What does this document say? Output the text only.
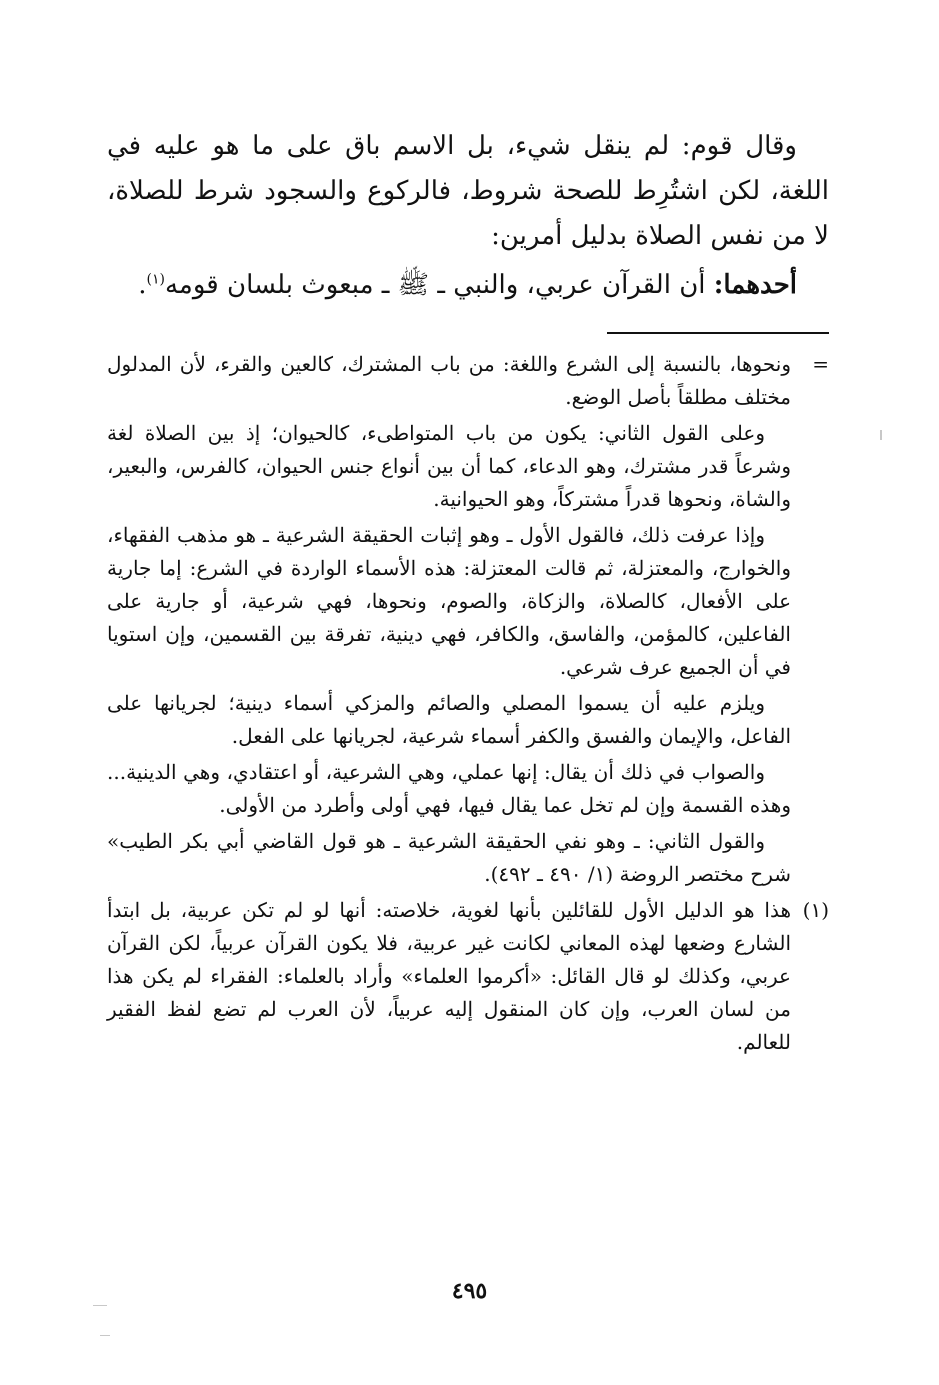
وقال قوم: لم ينقل شيء، بل الاسم باق على ما هو عليه في اللغة، لكن اشتُرِط للصحة شروط، فالركوع والسجود شرط للصلاة، لا من نفس الصلاة بدليل أمرين:

أحدهما: أن القرآن عربي، والنبي ـ ﷺ ـ مبعوث بلسان قومه$^{(١)}$.

=
ونحوها، بالنسبة إلى الشرع واللغة: من باب المشترك، كالعين والقرء، لأن المدلول مختلف مطلقاً بأصل الوضع.

وعلى القول الثاني: يكون من باب المتواطىء، كالحيوان؛ إذ بين الصلاة لغة وشرعاً قدر مشترك، وهو الدعاء، كما أن بين أنواع جنس الحيوان، كالفرس، والبعير، والشاة، ونحوها قدراً مشتركاً، وهو الحيوانية.

وإذا عرفت ذلك، فالقول الأول ـ وهو إثبات الحقيقة الشرعية ـ هو مذهب الفقهاء، والخوارج، والمعتزلة، ثم قالت المعتزلة: هذه الأسماء الواردة في الشرع: إما جارية على الأفعال، كالصلاة، والزكاة، والصوم، ونحوها، فهي شرعية، أو جارية على الفاعلين، كالمؤمن، والفاسق، والكافر، فهي دينية، تفرقة بين القسمين، وإن استويا في أن الجميع عرف شرعي.

ويلزم عليه أن يسموا المصلي والصائم والمزكي أسماء دينية؛ لجريانها على الفاعل، والإيمان والفسق والكفر أسماء شرعية، لجريانها على الفعل.

والصواب في ذلك أن يقال: إنها عملي، وهي الشرعية، أو اعتقادي، وهي الدينية... وهذه القسمة وإن لم تخل عما يقال فيها، فهي أولى وأطرد من الأولى.

والقول الثاني: ـ وهو نفي الحقيقة الشرعية ـ هو قول القاضي أبي بكر الطيب» شرح مختصر الروضة (١/ ٤٩٠ ـ ٤٩٢).

(١)
هذا هو الدليل الأول للقائلين بأنها لغوية، خلاصته: أنها لو لم تكن عربية، بل ابتدأ الشارع وضعها لهذه المعاني لكانت غير عربية، فلا يكون القرآن عربياً، لكن القرآن عربي، وكذلك لو قال القائل: «أكرموا العلماء» وأراد بالعلماء: الفقراء لم يكن هذا من لسان العرب، وإن كان المنقول إليه عربياً، لأن العرب لم تضع لفظ الفقير للعالم.

٤٩٥
